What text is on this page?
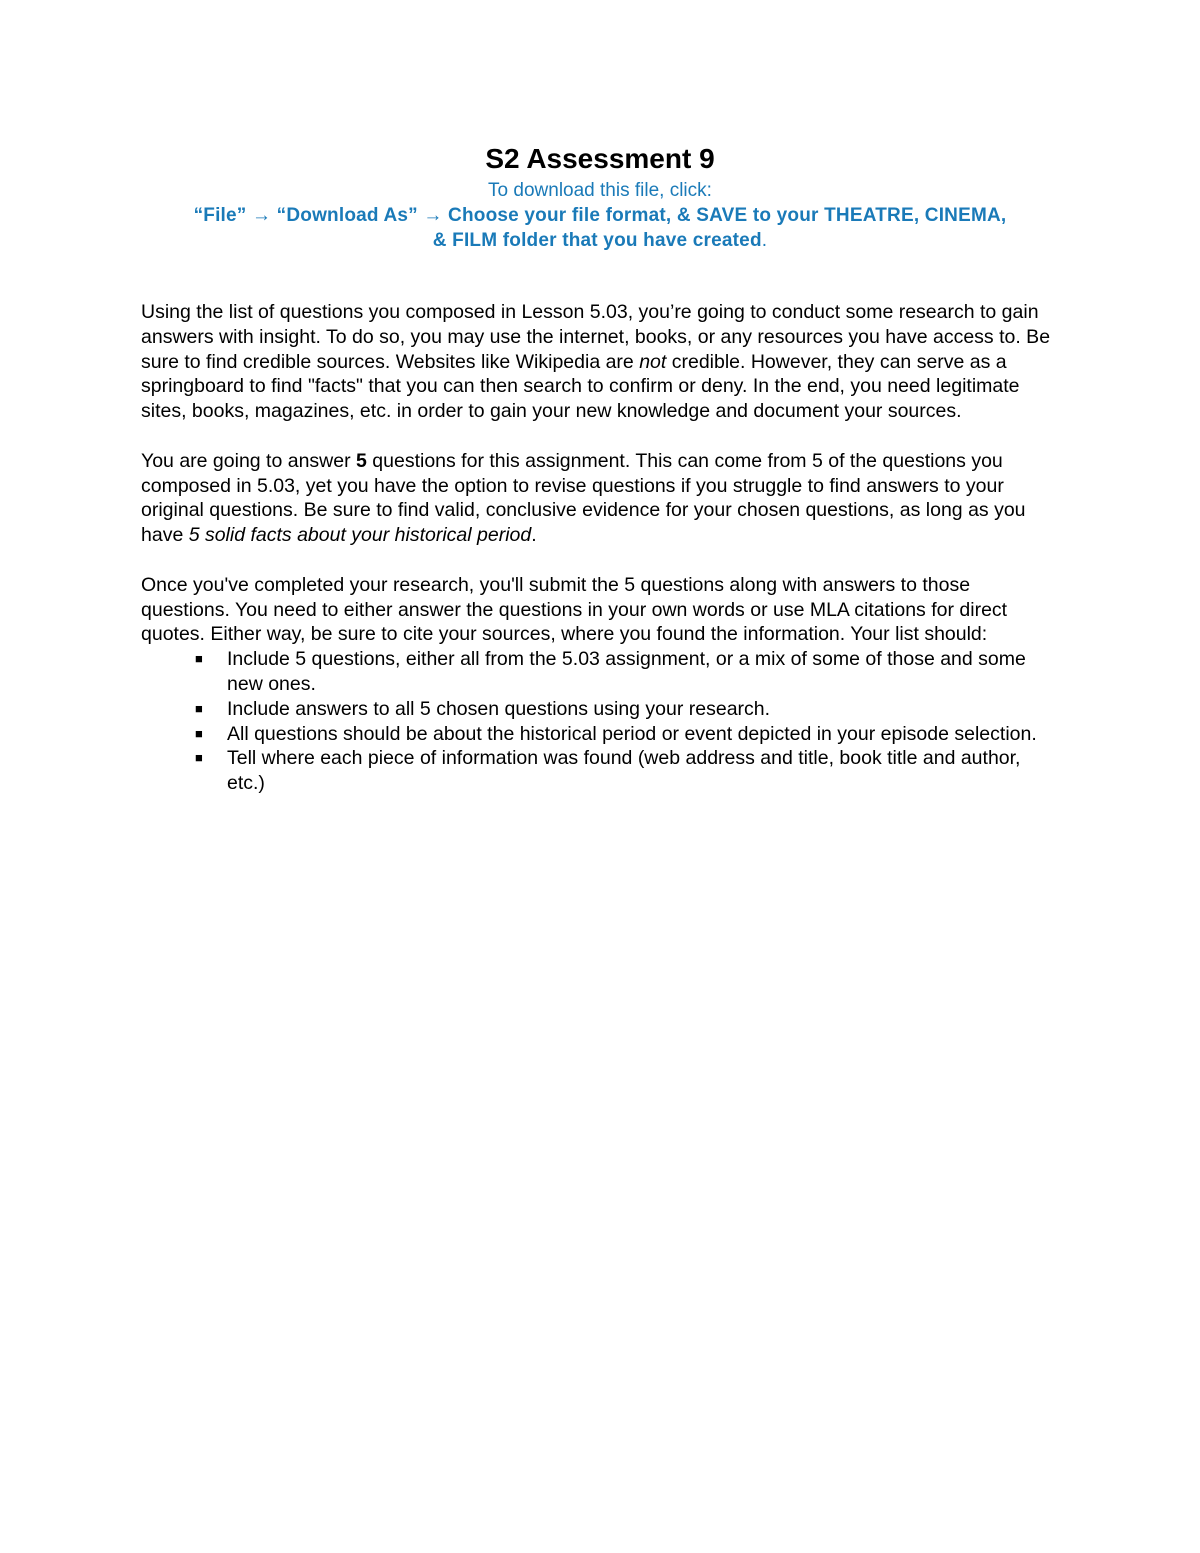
S2 Assessment 9

To download this file, click:

“File” → “Download As” → Choose your file format, & SAVE to your THEATRE, CINEMA,
& FILM folder that you have created.

Using the list of questions you composed in Lesson 5.03, you’re going to conduct some research to gain answers with insight. To do so, you may use the internet, books, or any resources you have access to. Be sure to find credible sources. Websites like Wikipedia are not credible. However, they can serve as a springboard to find "facts" that you can then search to confirm or deny. In the end, you need legitimate sites, books, magazines, etc. in order to gain your new knowledge and document your sources.

You are going to answer 5 questions for this assignment. This can come from 5 of the questions you composed in 5.03, yet you have the option to revise questions if you struggle to find answers to your original questions. Be sure to find valid, conclusive evidence for your chosen questions, as long as you have 5 solid facts about your historical period.

Once you've completed your research, you'll submit the 5 questions along with answers to those questions. You need to either answer the questions in your own words or use MLA citations for direct quotes. Either way, be sure to cite your sources, where you found the information. Your list should:

■ Include 5 questions, either all from the 5.03 assignment, or a mix of some of those and some new ones.
■ Include answers to all 5 chosen questions using your research.
■ All questions should be about the historical period or event depicted in your episode selection.
■ Tell where each piece of information was found (web address and title, book title and author, etc.)
